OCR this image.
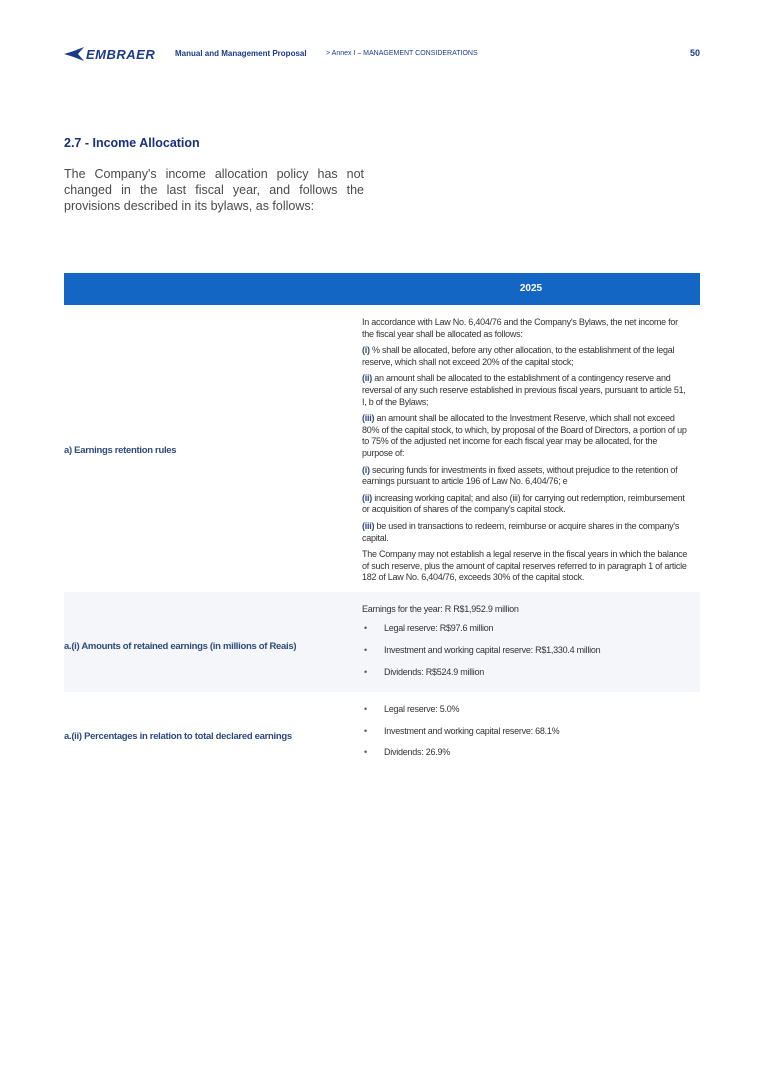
EMBRAER Manual and Management Proposal	> Annex I – MANAGEMENT CONSIDERATIONS	50
2.7 - Income Allocation
The Company's income allocation policy has not changed in the last fiscal year, and follows the provisions described in its bylaws, as follows:
2025
a) Earnings retention rules

In accordance with Law No. 6,404/76 and the Company's Bylaws, the net income for the fiscal year shall be allocated as follows:

(i) % shall be allocated, before any other allocation, to the establishment of the legal reserve, which shall not exceed 20% of the capital stock;

(ii) an amount shall be allocated to the establishment of a contingency reserve and reversal of any such reserve established in previous fiscal years, pursuant to article 51, I, b of the Bylaws;

(iii) an amount shall be allocated to the Investment Reserve, which shall not exceed 80% of the capital stock, to which, by proposal of the Board of Directors, a portion of up to 75% of the adjusted net income for each fiscal year may be allocated, for the purpose of:

(i) securing funds for investments in fixed assets, without prejudice to the retention of earnings pursuant to article 196 of Law No. 6,404/76; e

(ii) increasing working capital; and also (iii) for carrying out redemption, reimbursement or acquisition of shares of the company's capital stock.

(iii) be used in transactions to redeem, reimburse or acquire shares in the company's capital.

The Company may not establish a legal reserve in the fiscal years in which the balance of such reserve, plus the amount of capital reserves referred to in paragraph 1 of article 182 of Law No. 6,404/76, exceeds 30% of the capital stock.

a.(i) Amounts of retained earnings (in millions of Reais)

Earnings for the year: R R$1,952.9 million

• Legal reserve: R$97.6 million
• Investment and working capital reserve: R$1,330.4 million
• Dividends: R$524.9 million
a.(ii) Percentages in relation to total declared earnings
• Legal reserve: 5.0%
• Investment and working capital reserve: 68.1%
• Dividends: 26.9%
